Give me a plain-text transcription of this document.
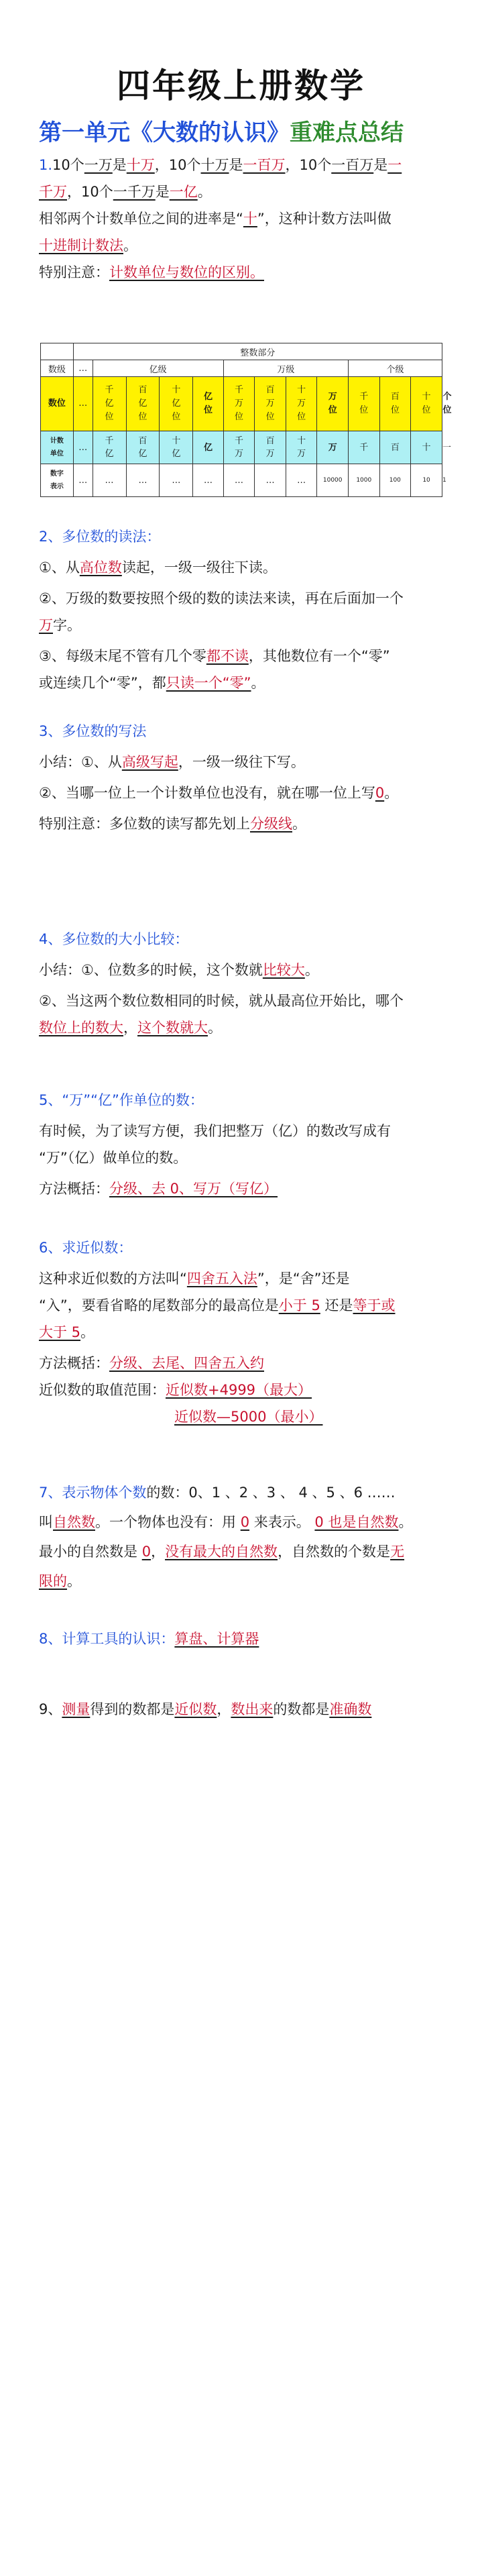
四年级上册数学
第一单元《大数的认识》重难点总结

1.10个一万是十万，10个十万是一百万，10个一百万是一

千万，10个一千万是一亿。

相邻两个计数单位之间的进率是“十”，这种计数方法叫做

十进制计数法。

特别注意：计数单位与数位的区别。

	整数部分												
数级	…	亿级				万级				个级			
数位	…	千亿位	百亿位	十亿位	亿位	千万位	百万位	十万位	万位	千位	百位	十位	个位
计数单位	…	千亿	百亿	十亿	亿	千万	百万	十万	万	千	百	十	一
数字表示	…	…	…	…	…	…	…	…	10000	1000	100	10	1

2、多位数的读法：

①、从高位数读起，一级一级往下读。

②、万级的数要按照个级的数的读法来读，再在后面加一个

万字。

③、每级末尾不管有几个零都不读，其他数位有一个“零”

或连续几个“零”，都只读一个“零”。

3、多位数的写法

小结：①、从高级写起，一级一级往下写。

②、当哪一位上一个计数单位也没有，就在哪一位上写0。

特别注意：多位数的读写都先划上分级线。

4、多位数的大小比较：

小结：①、位数多的时候，这个数就比较大。

②、当这两个数位数相同的时候，就从最高位开始比，哪个

数位上的数大，这个数就大。

5、“万”“亿”作单位的数：

有时候，为了读写方便，我们把整万（亿）的数改写成有

“万”（亿）做单位的数。

方法概括：分级、去 0、写万（写亿）

6、求近似数：

这种求近似数的方法叫“四舍五入法”，是“舍”还是

“入”，要看省略的尾数部分的最高位是小于 5 还是等于或

大于 5。

方法概括：分级、去尾、四舍五入约

近似数的取值范围：近似数+4999（最大）

近似数—5000（最小）

7、表示物体个数的数：0、1 、2 、3 、 4 、5 、6 ……

叫自然数。一个物体也没有：用 0 来表示。 0 也是自然数。

最小的自然数是 0，没有最大的自然数，自然数的个数是无

限的。

8、计算工具的认识：算盘、计算器

9、测量得到的数都是近似数，数出来的数都是准确数
